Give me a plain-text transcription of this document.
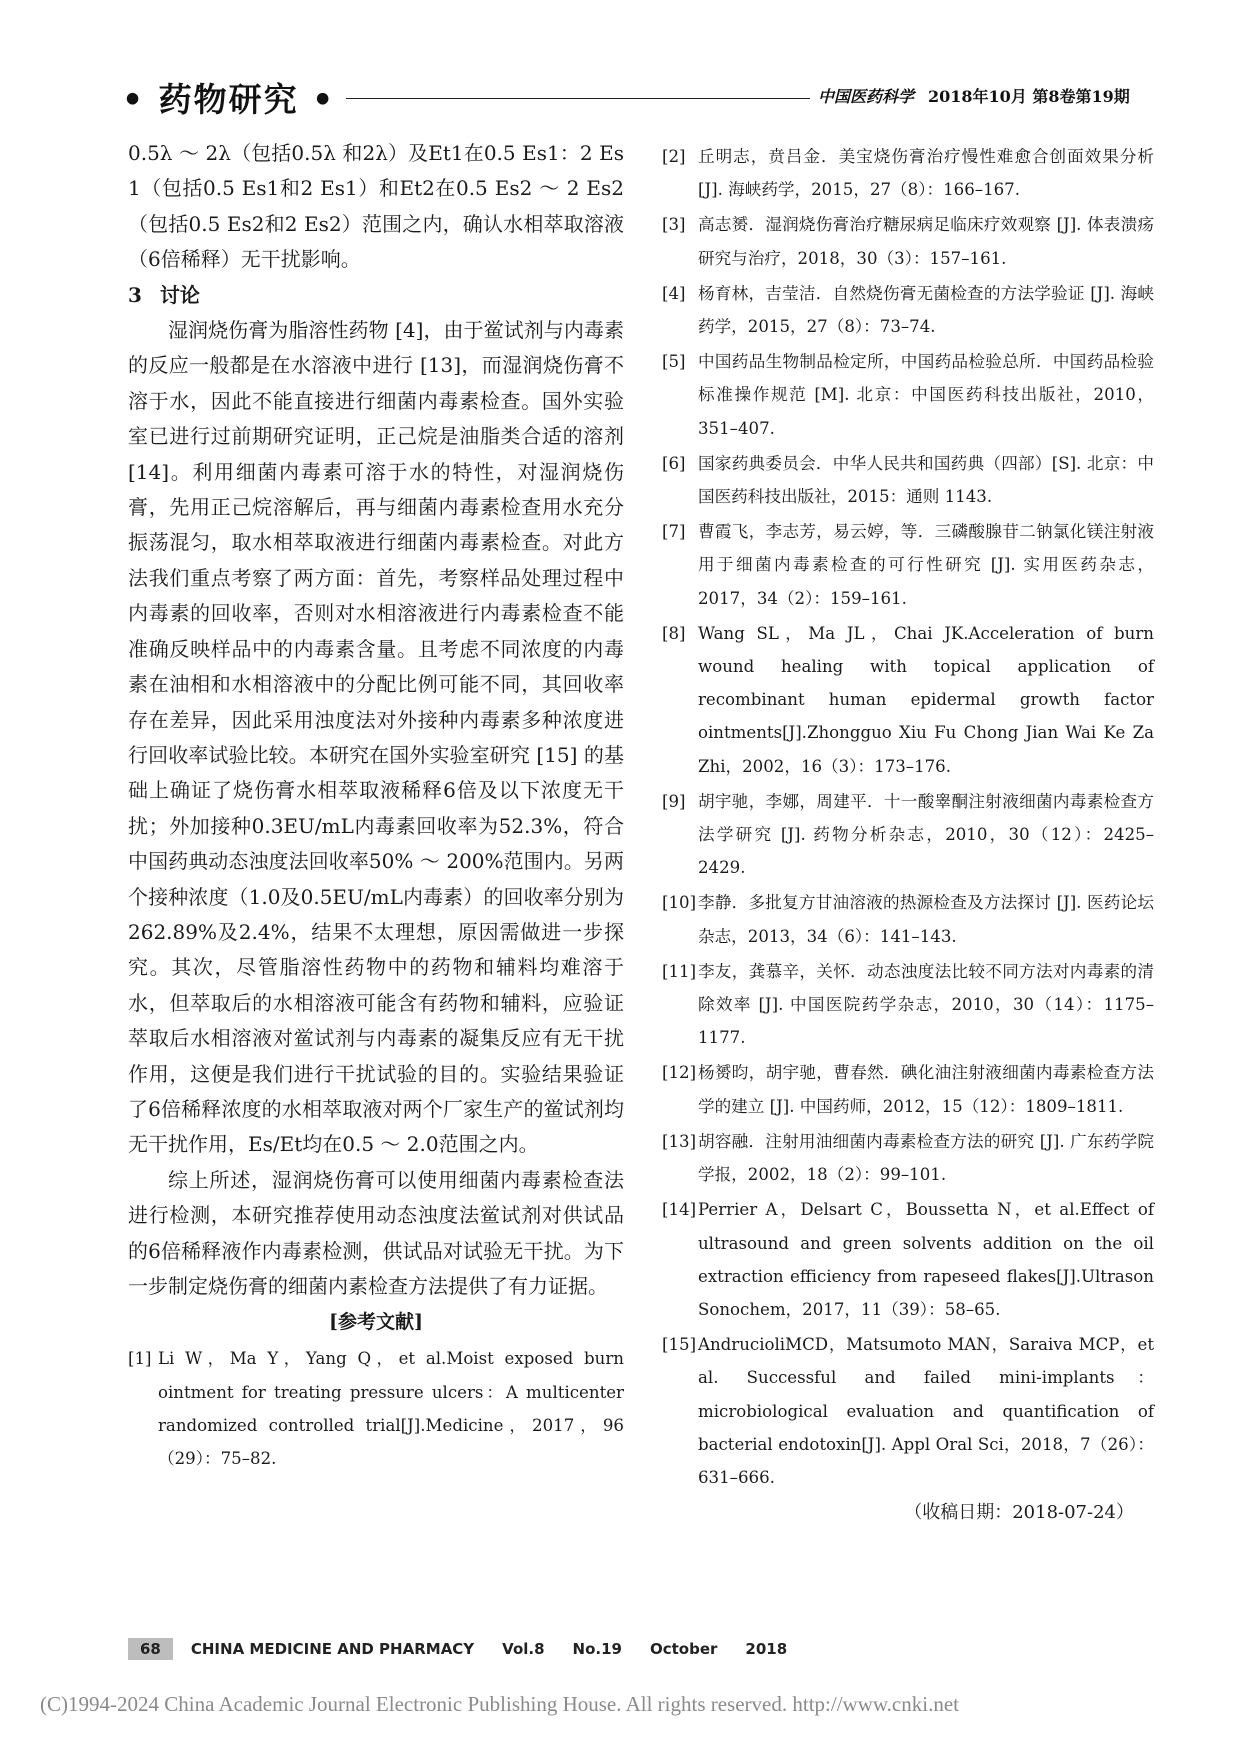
• 药物研究 •	中国医药科学 2018年10月 第8卷第19期

0.5λ ～ 2λ（包括0.5λ 和2λ）及Et1在0.5 Es1：2 Es1（包括0.5 Es1和2 Es1）和Et2在0.5 Es2 ～ 2 Es2（包括0.5 Es2和2 Es2）范围之内，确认水相萃取溶液（6倍稀释）无干扰影响。

3 讨论

湿润烧伤膏为脂溶性药物 [4]，由于鲎试剂与内毒素的反应一般都是在水溶液中进行 [13]，而湿润烧伤膏不溶于水，因此不能直接进行细菌内毒素检查。国外实验室已进行过前期研究证明，正己烷是油脂类合适的溶剂 [14]。利用细菌内毒素可溶于水的特性，对湿润烧伤膏，先用正己烷溶解后，再与细菌内毒素检查用水充分振荡混匀，取水相萃取液进行细菌内毒素检查。对此方法我们重点考察了两方面：首先，考察样品处理过程中内毒素的回收率，否则对水相溶液进行内毒素检查不能准确反映样品中的内毒素含量。且考虑不同浓度的内毒素在油相和水相溶液中的分配比例可能不同，其回收率存在差异，因此采用浊度法对外接种内毒素多种浓度进行回收率试验比较。本研究在国外实验室研究 [15] 的基础上确证了烧伤膏水相萃取液稀释6倍及以下浓度无干扰；外加接种0.3EU/mL内毒素回收率为52.3%，符合中国药典动态浊度法回收率50% ～ 200%范围内。另两个接种浓度（1.0及0.5EU/mL内毒素）的回收率分别为262.89%及2.4%，结果不太理想，原因需做进一步探究。其次，尽管脂溶性药物中的药物和辅料均难溶于水，但萃取后的水相溶液可能含有药物和辅料，应验证萃取后水相溶液对鲎试剂与内毒素的凝集反应有无干扰作用，这便是我们进行干扰试验的目的。实验结果验证了6倍稀释浓度的水相萃取液对两个厂家生产的鲎试剂均无干扰作用，Es/Et均在0.5 ～ 2.0范围之内。

综上所述，湿润烧伤膏可以使用细菌内毒素检查法进行检测，本研究推荐使用动态浊度法鲎试剂对供试品的6倍稀释液作内毒素检测，供试品对试验无干扰。为下一步制定烧伤膏的细菌内素检查方法提供了有力证据。

[参考文献]
[1] Li W，Ma Y，Yang Q，et al.Moist exposed burn ointment for treating pressure ulcers：A multicenter randomized controlled trial[J].Medicine，2017，96（29）：75–82.
[2] 丘明志，贲吕金．美宝烧伤膏治疗慢性难愈合创面效果分析 [J]. 海峡药学，2015，27（8）：166–167.
[3] 高志赟．湿润烧伤膏治疗糖尿病足临床疗效观察 [J]. 体表溃疡研究与治疗，2018，30（3）：157–161.
[4] 杨育林，吉莹洁．自然烧伤膏无菌检查的方法学验证 [J]. 海峡药学，2015，27（8）：73–74.
[5] 中国药品生物制品检定所，中国药品检验总所．中国药品检验标准操作规范 [M]. 北京：中国医药科技出版社，2010，351–407.
[6] 国家药典委员会．中华人民共和国药典（四部）[S]. 北京：中国医药科技出版社，2015：通则 1143.
[7] 曹霞飞，李志芳，易云婷，等．三磷酸腺苷二钠氯化镁注射液用于细菌内毒素检查的可行性研究 [J]. 实用医药杂志，2017，34（2）：159–161.
[8] Wang SL，Ma JL，Chai JK.Acceleration of burn wound healing with topical application of recombinant human epidermal growth factor ointments[J].Zhongguo Xiu Fu Chong Jian Wai Ke Za Zhi，2002，16（3）：173–176.
[9] 胡宇驰，李娜，周建平．十一酸睾酮注射液细菌内毒素检查方法学研究 [J]. 药物分析杂志，2010，30（12）：2425–2429.
[10] 李静．多批复方甘油溶液的热源检查及方法探讨 [J]. 医药论坛杂志，2013，34（6）：141–143.
[11] 李友，龚慕辛，关怀．动态浊度法比较不同方法对内毒素的清除效率 [J]. 中国医院药学杂志，2010，30（14）：1175–1177.
[12] 杨赟昀，胡宇驰，曹春然．碘化油注射液细菌内毒素检查方法学的建立 [J]. 中国药师，2012，15（12）：1809–1811.
[13] 胡容融．注射用油细菌内毒素检查方法的研究 [J]. 广东药学院学报，2002，18（2）：99–101.
[14] Perrier A，Delsart C，Boussetta N，et al.Effect of ultrasound and green solvents addition on the oil extraction efficiency from rapeseed flakes[J].Ultrason Sonochem，2017，11（39）：58–65.
[15] AndrucioliMCD，Matsumoto MAN，Saraiva MCP，et al. Successful and failed mini-implants：microbiological evaluation and quantification of bacterial endotoxin[J]. Appl Oral Sci，2018，7（26）：631–666.
（收稿日期：2018-07-24）
68	CHINA MEDICINE AND PHARMACY Vol.8 No.19 October 2018
(C)1994-2024 China Academic Journal Electronic Publishing House. All rights reserved. http://www.cnki.net
